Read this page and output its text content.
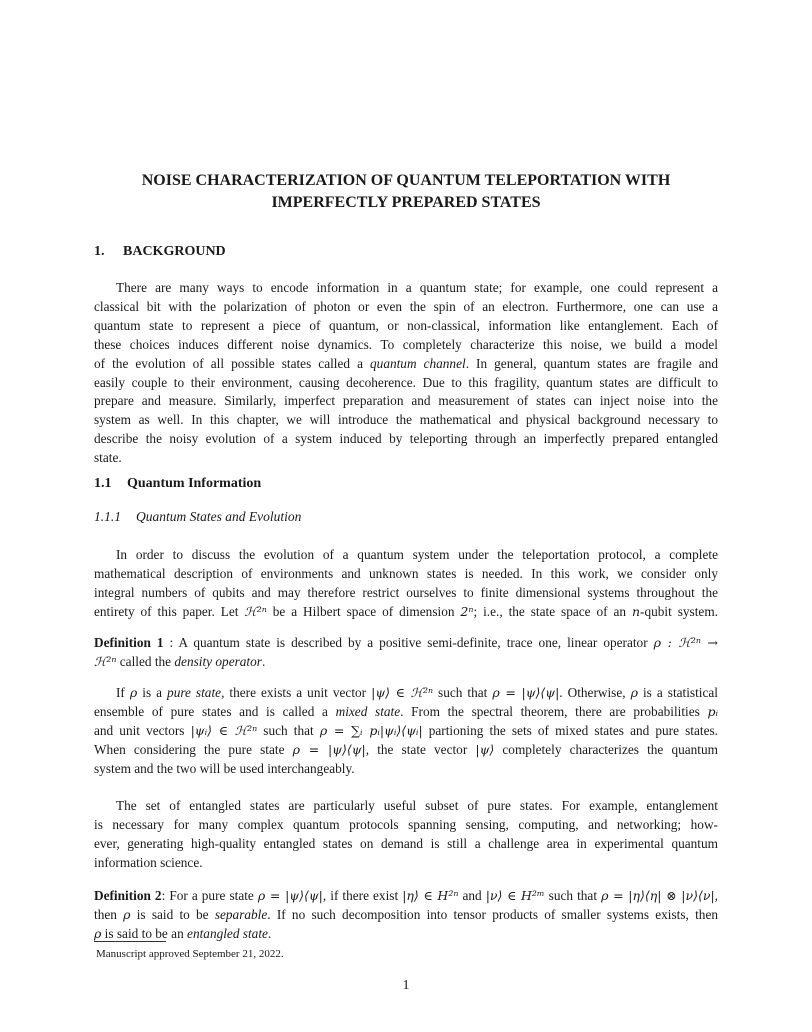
NOISE CHARACTERIZATION OF QUANTUM TELEPORTATION WITH
IMPERFECTLY PREPARED STATES
1. BACKGROUND
There are many ways to encode information in a quantum state; for example, one could represent a
classical bit with the polarization of photon or even the spin of an electron. Furthermore, one can use a
quantum state to represent a piece of quantum, or non-classical, information like entanglement. Each of
these choices induces different noise dynamics. To completely characterize this noise, we build a model
of the evolution of all possible states called a quantum channel. In general, quantum states are fragile and
easily couple to their environment, causing decoherence. Due to this fragility, quantum states are difficult to
prepare and measure. Similarly, imperfect preparation and measurement of states can inject noise into the
system as well. In this chapter, we will introduce the mathematical and physical background necessary to
describe the noisy evolution of a system induced by teleporting through an imperfectly prepared entangled
state.
1.1 Quantum Information
1.1.1 Quantum States and Evolution
In order to discuss the evolution of a quantum system under the teleportation protocol, a complete
mathematical description of environments and unknown states is needed. In this work, we consider only
integral numbers of qubits and may therefore restrict ourselves to finite dimensional systems throughout the
entirety of this paper. Let ℋ²ⁿ be a Hilbert space of dimension 2ⁿ; i.e., the state space of an n-qubit system.
Definition 1 : A quantum state is described by a positive semi-definite, trace one, linear operator ρ : ℋ²ⁿ →
ℋ²ⁿ called the density operator.
If ρ is a pure state, there exists a unit vector |ψ⟩ ∈ ℋ²ⁿ such that ρ = |ψ⟩⟨ψ|. Otherwise, ρ is a statistical
ensemble of pure states and is called a mixed state. From the spectral theorem, there are probabilities pᵢ
and unit vectors |ψᵢ⟩ ∈ ℋ²ⁿ such that ρ = ∑ᵢ pᵢ|ψᵢ⟩⟨ψᵢ| partioning the sets of mixed states and pure states.
When considering the pure state ρ = |ψ⟩⟨ψ|, the state vector |ψ⟩ completely characterizes the quantum
system and the two will be used interchangeably.
The set of entangled states are particularly useful subset of pure states. For example, entanglement
is necessary for many complex quantum protocols spanning sensing, computing, and networking; how-
ever, generating high-quality entangled states on demand is still a challenge area in experimental quantum
information science.
Definition 2: For a pure state ρ = |ψ⟩⟨ψ|, if there exist |η⟩ ∈ H²ⁿ and |ν⟩ ∈ H²ᵐ such that ρ = |η⟩⟨η| ⊗ |ν⟩⟨ν|,
then ρ is said to be separable. If no such decomposition into tensor products of smaller systems exists, then
ρ is said to be an entangled state.
Manuscript approved September 21, 2022.
1
